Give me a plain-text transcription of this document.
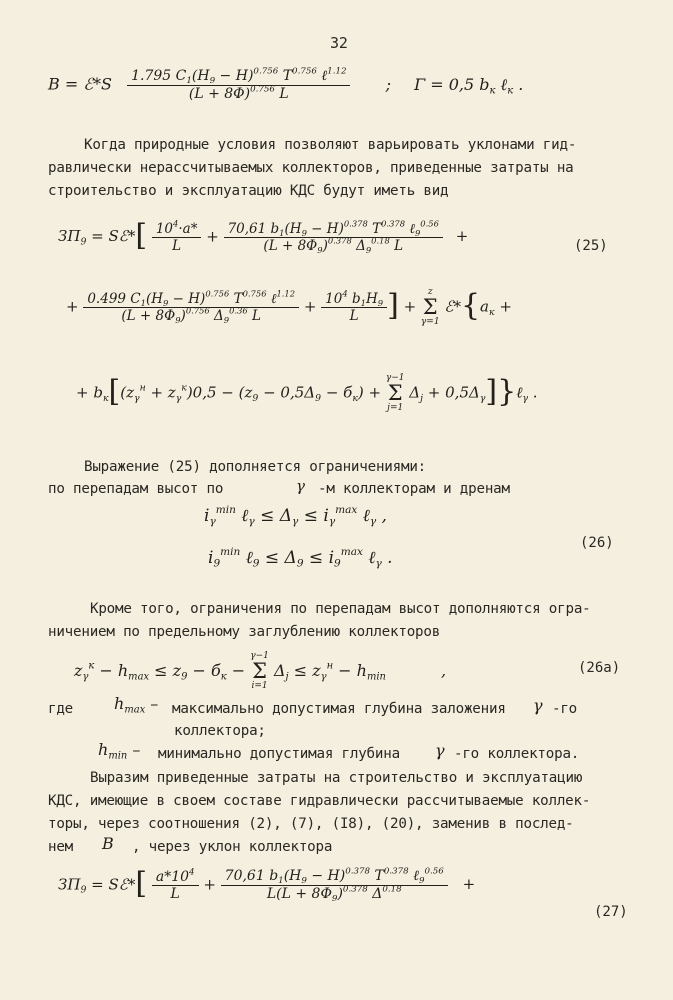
32
B = ℰ*S $\frac{1.795 C_1(H_9 - H)^{0.756} T^{0.756} \ell^{1.12}}{(L + 8\Phi)^{0.756} L}$ ; Γ = 0,5 $b_к$ ℓ$_к$ .
Когда природные условия позволяют варьировать уклонами гид-
равлически нерассчитываемых коллекторов, приведенные затраты на
строительство и эксплуатацию КДС будут иметь вид
$ЗП_9$ = Sℰ*[ $\frac{10^4\cdot a*}{L} + \frac{70,61 b_1(H_9 - H)^{0.378} T^{0.378} \ell_9^{0.56}}{(L + 8\Phi_9)^{0.378} \Delta_9^{0.18} L}$ +
(25)
+ $\frac{0.499 C_1(H_9 - H)^{0.756} T^{0.756} \ell^{1.12}}{(L + 8\Phi_9)^{0.756} \Delta_9^{0.36} L} + \frac{10^4 b_1H_9}{L}$ ] +
z
Σ
γ=1
$ℰ*\{a_к$ +
+ $b_к[(z_\gamma^н + z_\gamma^к)0,5 - (z_9 - 0,5\Delta_9 - б_к)$ +
γ−1
Σ
j=1
$\Delta_j$ + $0,5\Delta_\gamma]\}\ell_\gamma$ .
Выражение (25) дополняется ограничениями:
по перепадам высот по	γ -м коллекторам и дренам
$i_\gamma^{min}$ ℓ$_\gamma$ ≤ $\Delta_\gamma \le i_\gamma^{max}$ ℓ$_\gamma$ ,
(26)
$i_9^{min}$ ℓ$_9$ ≤ $\Delta_9 \le i_9^{max}$ ℓ$_\gamma$ .
Кроме того, ограничения по перепадам высот дополняются огра-
ничением по предельному заглублению коллекторов
$z_\gamma^к - h_{max} \le z_9 - б_к$ −
γ−1
Σ
i=1
$\Delta_j \le z_\gamma^н - h_{min}$	,	(26а)
где	$h_{max}$ – максимально допустимая глубина заложения γ -го
коллектора;
$h_{min}$ – минимально допустимая глубина γ -го коллектора.
Выразим приведенные затраты на строительство и эксплуатацию
КДС, имеющие в своем составе гидравлически рассчитываемые коллек-
торы, через соотношения (2), (7), (I8), (20), заменив в послед-
нем B , через уклон коллектора
$ЗП_9$ = Sℰ*[ $\frac{a*10^4}{L} + \frac{70,61 b_1(H_9 - H)^{0.378} T^{0.378} \ell_9^{0.56}}{L(L + 8\Phi_9)^{0.378} \Delta^{0.18}}$ +
(27)
